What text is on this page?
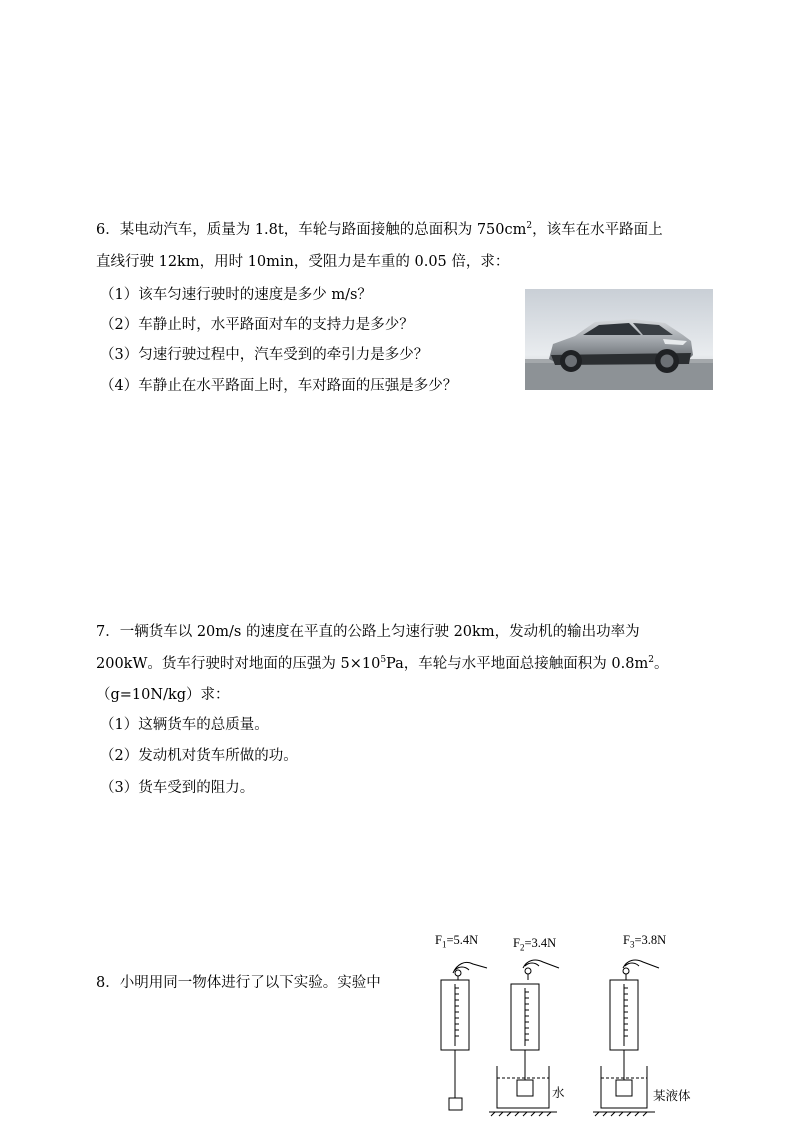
6．某电动汽车，质量为 1.8t，车轮与路面接触的总面积为 $750cm^2$，该车在水平路面上
直线行驶 12km，用时 10min，受阻力是车重的 0.05 倍，求：
（1）该车匀速行驶时的速度是多少 m/s？
（2）车静止时，水平路面对车的支持力是多少？
（3）匀速行驶过程中，汽车受到的牵引力是多少？
（4）车静止在水平路面上时，车对路面的压强是多少？
7．一辆货车以 20m/s 的速度在平直的公路上匀速行驶 20km，发动机的输出功率为
200kW。货车行驶时对地面的压强为 $5\times 10^5Pa$，车轮与水平地面总接触面积为 $0.8m^2$。
（g=10N/kg）求：
（1）这辆货车的总质量。
（2）发动机对货车所做的功。
（3）货车受到的阻力。
8．小明用同一物体进行了以下实验。实验中
$F_1=5.4N$	$F_2=3.4N$	$F_3=3.8N$
水	某液体
